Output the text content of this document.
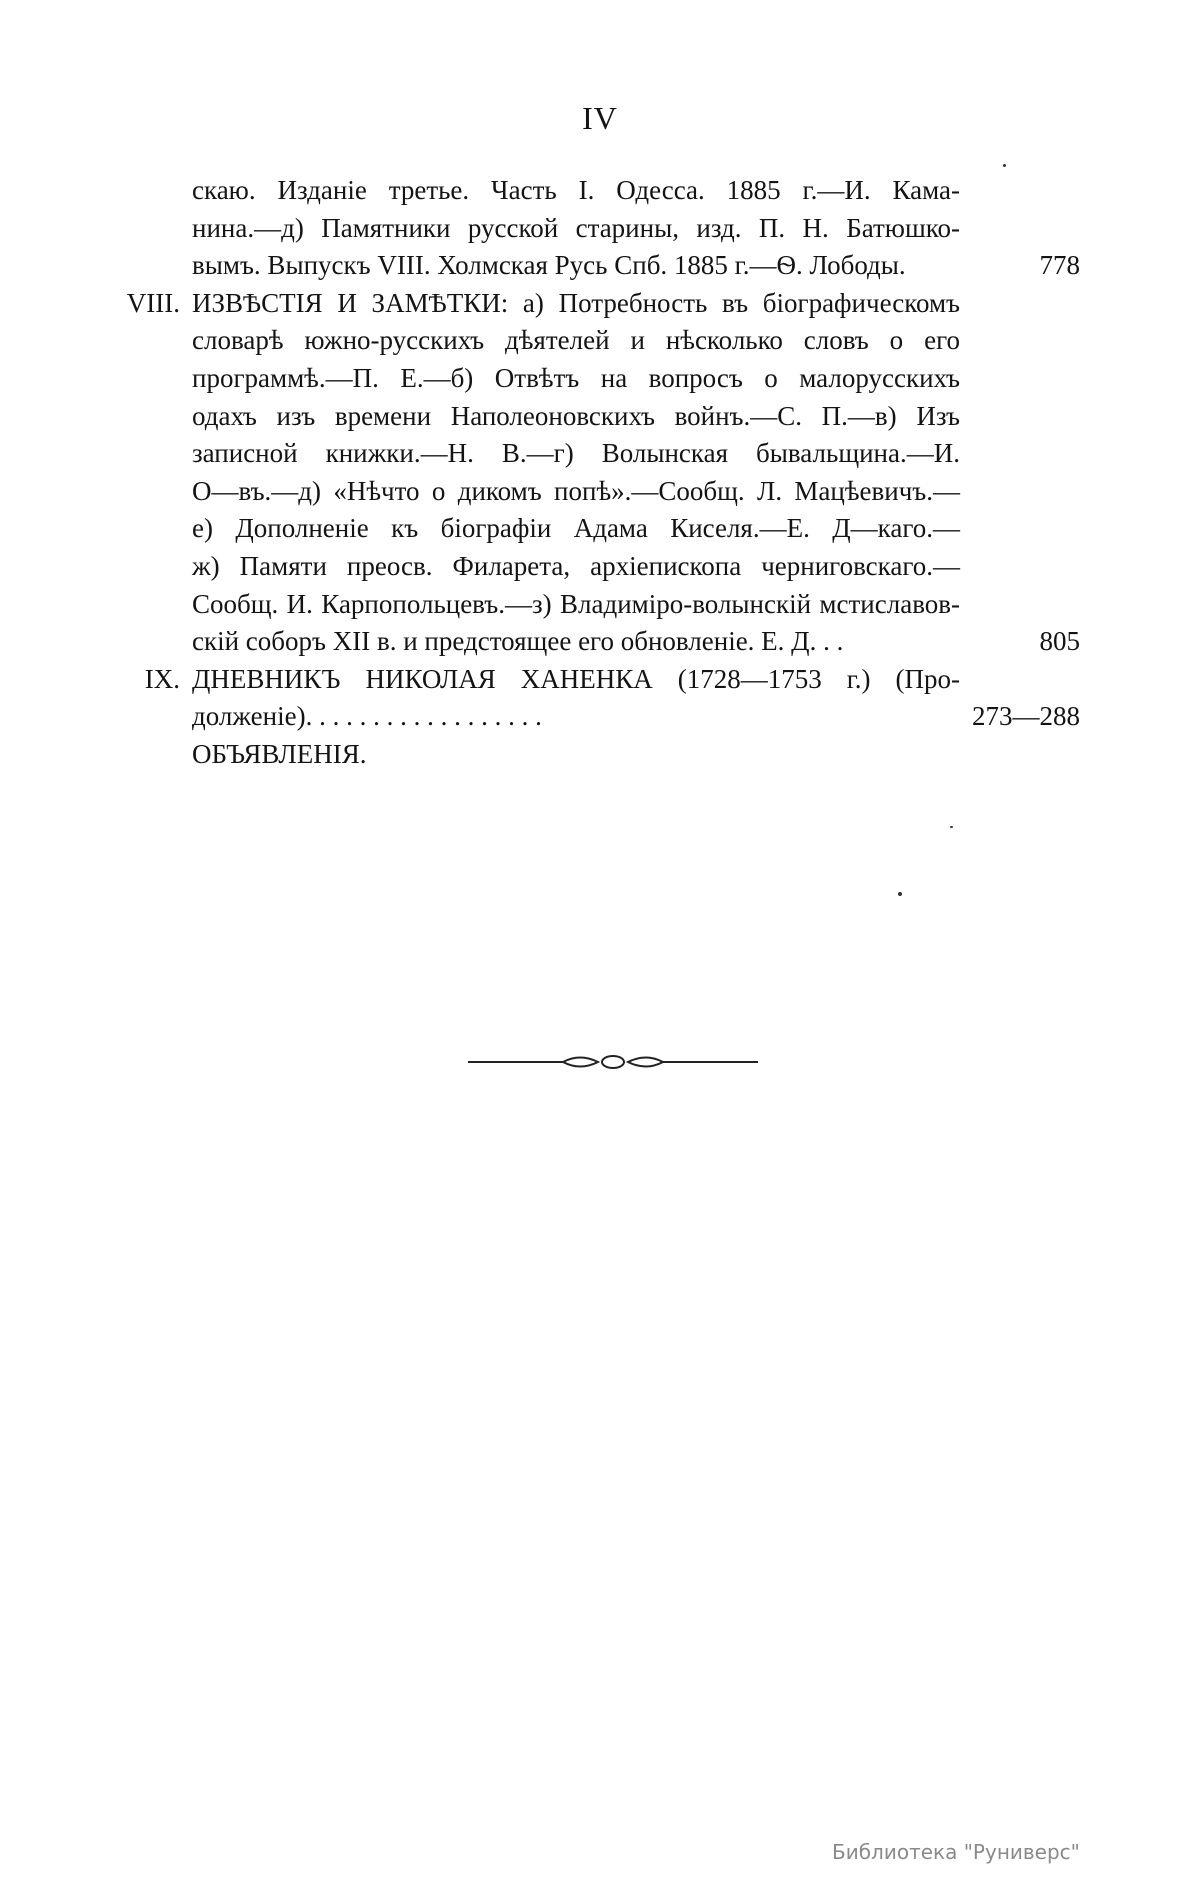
IV
скаю. Изданіе третье. Часть I. Одесса. 1885 г.—И. Кама-
нина.—д) Памятники русской старины, изд. П. Н. Батюшко-
вымъ. Выпускъ VIII. Холмская Русь Спб. 1885 г.—Ѳ. Лободы.	778
VIII. ИЗВѢСТІЯ И ЗАМѢТКИ: а) Потребность въ біографическомъ
словарѣ южно-русскихъ дѣятелей и нѣсколько словъ о его
программѣ.—П. Е.—б) Отвѣтъ на вопросъ о малорусскихъ
одахъ изъ времени Наполеоновскихъ войнъ.—С. П.—в) Изъ
записной книжки.—Н. В.—г) Волынская бывальщина.—И.
О—въ.—д) «Нѣчто о дикомъ попѣ».—Сообщ. Л. Мацѣевичъ.—
е) Дополненіе къ біографіи Адама Киселя.—Е. Д—каго.—
ж) Памяти преосв. Филарета, архіепископа черниговскаго.—
Сообщ. И. Карпопольцевъ.—з) Владиміро-волынскій мстиславов-
скій соборъ XII в. и предстоящее его обновленіе. Е. Д. . .	805
IX. ДНЕВНИКЪ НИКОЛАЯ ХАНЕНКА (1728—1753 г.) (Про-
долженіе). . . . . . . . . . . . . . . . . .	273—288
ОБЪЯВЛЕНІЯ.
Библиотека "Руниверс"
